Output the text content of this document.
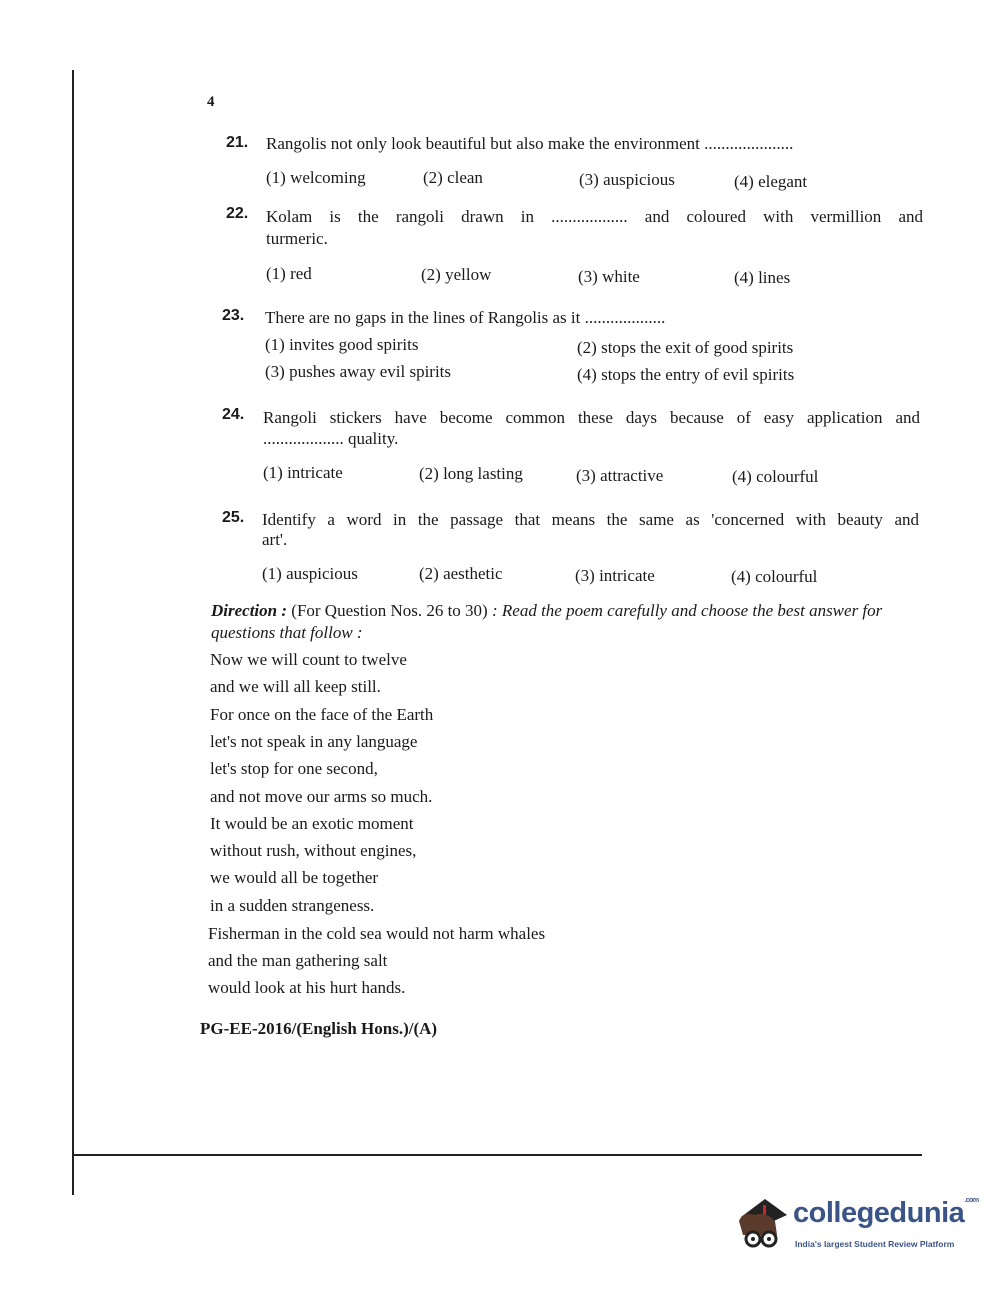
4
21. Rangolis not only look beautiful but also make the environment .....................
(1) welcoming	(2) clean	(3) auspicious	(4) elegant
22. Kolam is the rangoli drawn in .................. and coloured with vermillion and
turmeric.
(1) red	(2) yellow	(3) white	(4) lines
23. There are no gaps in the lines of Rangolis as it ...................
(1) invites good spirits	(2) stops the exit of good spirits
(3) pushes away evil spirits	(4) stops the entry of evil spirits
24. Rangoli stickers have become common these days because of easy application and
................... quality.
(1) intricate	(2) long lasting	(3) attractive	(4) colourful
25. Identify a word in the passage that means the same as 'concerned with beauty and
art'.
(1) auspicious	(2) aesthetic	(3) intricate	(4) colourful
Direction : (For Question Nos. 26 to 30) : Read the poem carefully and choose the best answer for questions that follow :
Now we will count to twelve
and we will all keep still.
For once on the face of the Earth
let's not speak in any language
let's stop for one second,
and not move our arms so much.
It would be an exotic moment
without rush, without engines,
we would all be together
in a sudden strangeness.
Fisherman in the cold sea would not harm whales
and the man gathering salt
would look at his hurt hands.
PG-EE-2016/(English Hons.)/(A)
collegedunia$^{.com}$
India's largest Student Review Platform
